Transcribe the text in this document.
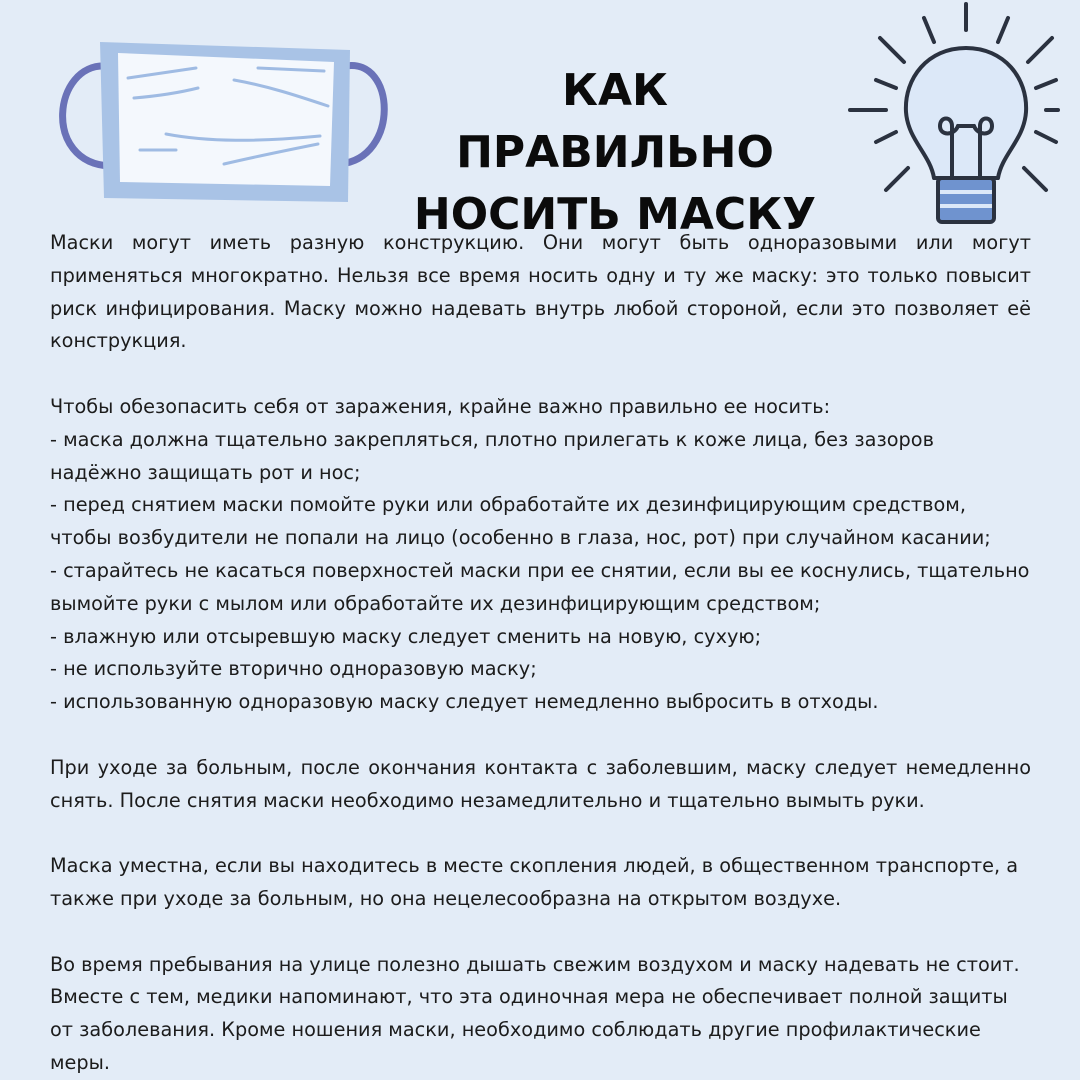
КАК ПРАВИЛЬНО
НОСИТЬ МАСКУ

Маски могут иметь разную конструкцию. Они могут быть одноразовыми или могут применяться многократно. Нельзя все время носить одну и ту же маску: это только повысит риск инфицирования. Маску можно надевать внутрь любой стороной, если это позволяет её конструкция.

Чтобы обезопасить себя от заражения, крайне важно правильно ее носить:
- маска должна тщательно закрепляться, плотно прилегать к коже лица, без зазоров надёжно защищать рот и нос;
- перед снятием маски помойте руки или обработайте их дезинфицирующим средством, чтобы возбудители не попали на лицо (особенно в глаза, нос, рот) при случайном касании;
- старайтесь не касаться поверхностей маски при ее снятии, если вы ее коснулись, тщательно вымойте руки с мылом или обработайте их дезинфицирующим средством;
- влажную или отсыревшую маску следует сменить на новую, сухую;
- не используйте вторично одноразовую маску;
- использованную одноразовую маску следует немедленно выбросить в отходы.

При уходе за больным, после окончания контакта с заболевшим, маску следует немедленно снять. После снятия маски необходимо незамедлительно и тщательно вымыть руки.

Маска уместна, если вы находитесь в месте скопления людей, в общественном транспорте, а также при уходе за больным, но она нецелесообразна на открытом воздухе.

Во время пребывания на улице полезно дышать свежим воздухом и маску надевать не стоит. Вместе с тем, медики напоминают, что эта одиночная мера не обеспечивает полной защиты от заболевания. Кроме ношения маски, необходимо соблюдать другие профилактические меры.
